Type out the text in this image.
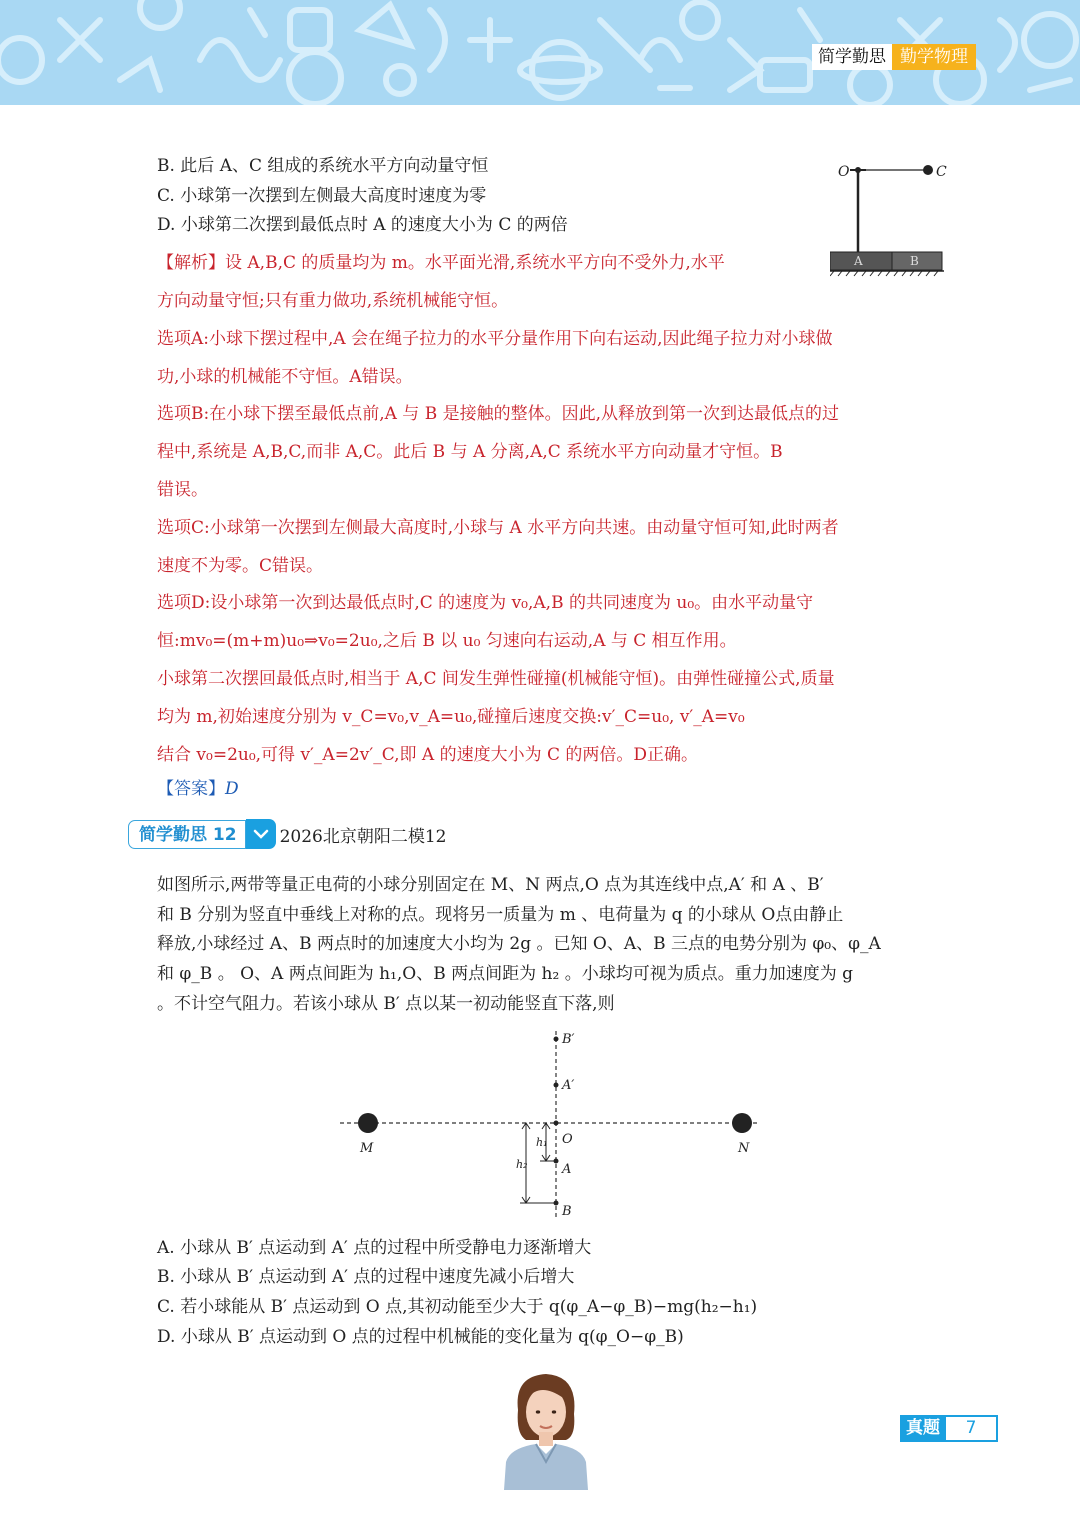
简学勤思 勤学物理
B. 此后 A、C 组成的系统水平方向动量守恒
C. 小球第一次摆到左侧最大高度时速度为零
D. 小球第二次摆到最低点时 A 的速度大小为 C 的两倍
O	C
A	B
【解析】设 A,B,C 的质量均为 m。水平面光滑,系统水平方向不受外力,水平
方向动量守恒;只有重力做功,系统机械能守恒。
选项A:小球下摆过程中,A 会在绳子拉力的水平分量作用下向右运动,因此绳子拉力对小球做
功,小球的机械能不守恒。A错误。
选项B:在小球下摆至最低点前,A 与 B 是接触的整体。因此,从释放到第一次到达最低点的过
程中,系统是 A,B,C,而非 A,C。此后 B 与 A 分离,A,C 系统水平方向动量才守恒。B
错误。
选项C:小球第一次摆到左侧最大高度时,小球与 A 水平方向共速。由动量守恒可知,此时两者
速度不为零。C错误。
选项D:设小球第一次到达最低点时,C 的速度为 v₀,A,B 的共同速度为 u₀。由水平动量守
恒:mv₀=(m+m)u₀⇒v₀=2u₀,之后 B 以 u₀ 匀速向右运动,A 与 C 相互作用。
小球第二次摆回最低点时,相当于 A,C 间发生弹性碰撞(机械能守恒)。由弹性碰撞公式,质量
均为 m,初始速度分别为 v_C=v₀,v_A=u₀,碰撞后速度交换:v′_C=u₀, v′_A=v₀
结合 v₀=2u₀,可得 v′_A=2v′_C,即 A 的速度大小为 C 的两倍。D正确。
【答案】D
简学勤思 12	2026北京朝阳二模12
如图所示,两带等量正电荷的小球分别固定在 M、N 两点,O 点为其连线中点,A′ 和 A 、B′
和 B 分别为竖直中垂线上对称的点。现将另一质量为 m 、电荷量为 q 的小球从 O点由静止
释放,小球经过 A、B 两点时的加速度大小均为 2g 。已知 O、A、B 三点的电势分别为 φ₀、φ_A
和 φ_B 。 O、A 两点间距为 h₁,O、B 两点间距为 h₂ 。小球均可视为质点。重力加速度为 g
。不计空气阻力。若该小球从 B′ 点以某一初动能竖直下落,则
M	N
O
A
B
A′
B′
h₁
h₂
A. 小球从 B′ 点运动到 A′ 点的过程中所受静电力逐渐增大
B. 小球从 B′ 点运动到 A′ 点的过程中速度先减小后增大
C. 若小球能从 B′ 点运动到 O 点,其初动能至少大于 q(φ_A−φ_B)−mg(h₂−h₁)
D. 小球从 B′ 点运动到 O 点的过程中机械能的变化量为 q(φ_O−φ_B)
真题	7
